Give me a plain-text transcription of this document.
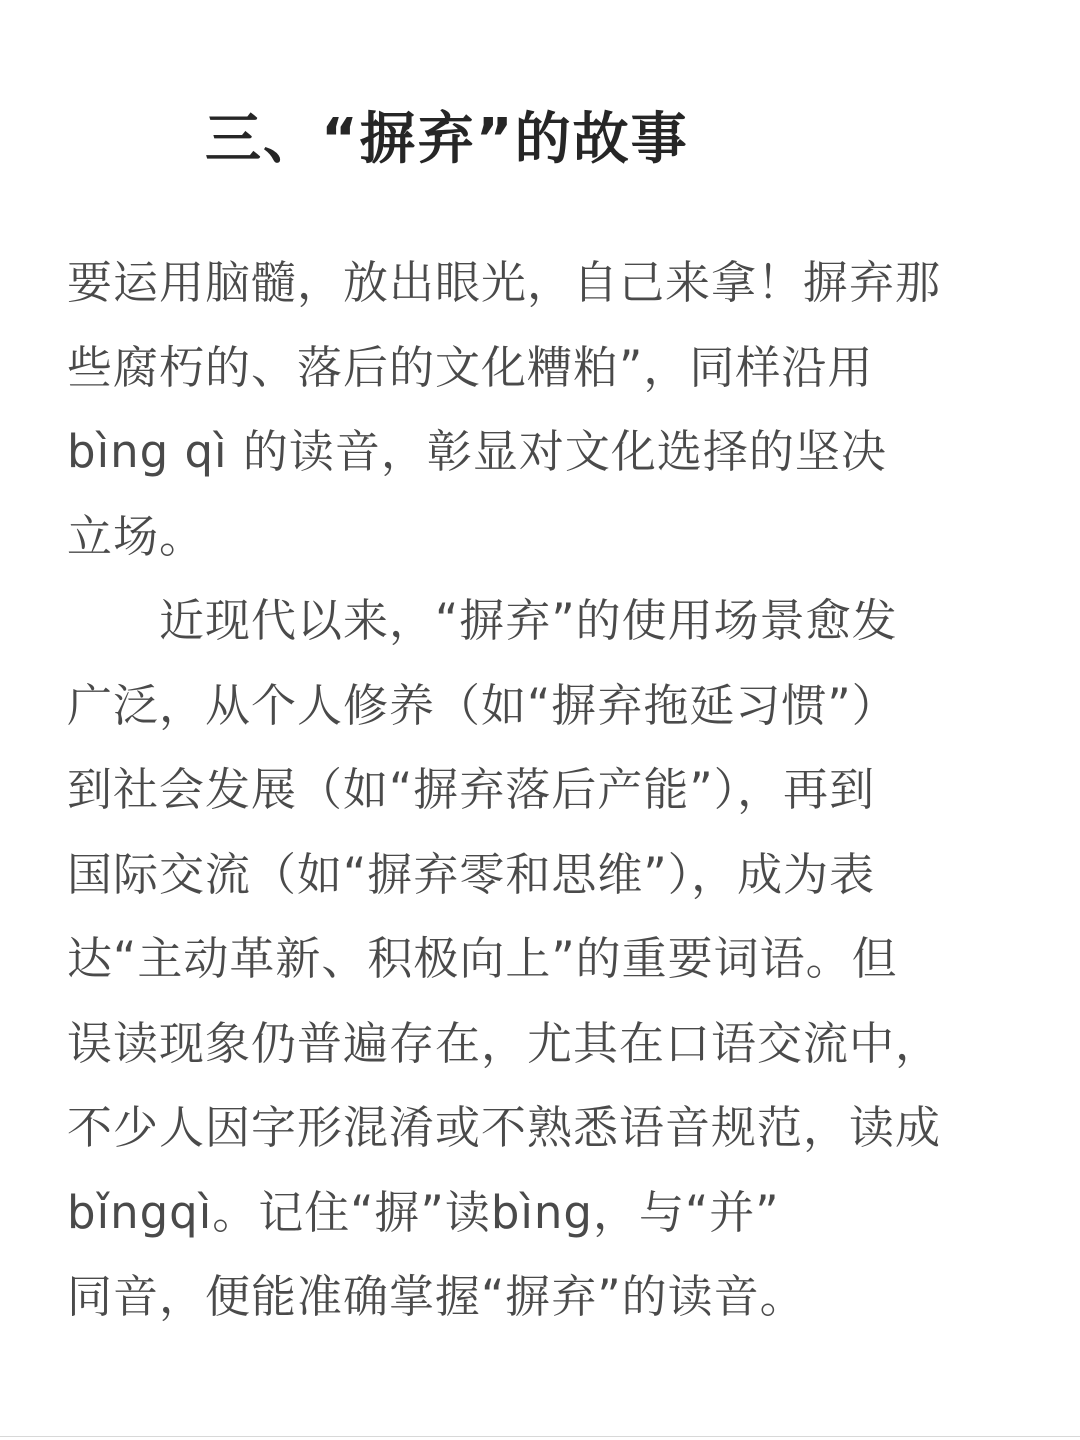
三、“摒弃”的故事
要运用脑髓，放出眼光，自己来拿！摒弃那
些腐朽的、落后的文化糟粕”，同样沿用
bìng qì 的读音，彰显对文化选择的坚决
立场。
　　近现代以来，“摒弃”的使用场景愈发
广泛，从个人修养（如“摒弃拖延习惯”）
到社会发展（如“摒弃落后产能”），再到
国际交流（如“摒弃零和思维”），成为表
达“主动革新、积极向上”的重要词语。但
误读现象仍普遍存在，尤其在口语交流中，
不少人因字形混淆或不熟悉语音规范，读成
bǐngqì。记住“摒”读bìng，与“并”
同音，便能准确掌握“摒弃”的读音。
